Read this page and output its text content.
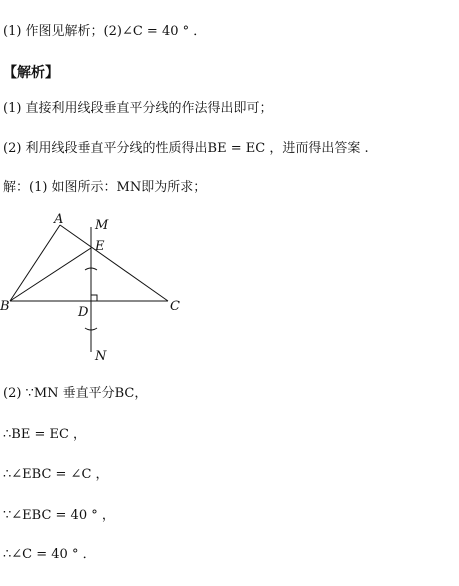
(1) 作图见解析；(2)∠C = 40 ° ．
【解析】
(1) 直接利用线段垂直平分线的作法得出即可；
(2) 利用线段垂直平分线的性质得出BE = EC ，进而得出答案 .
解：(1) 如图所示：MN即为所求；
A M
E
B	D	C
N
(2) ∵MN 垂直平分BC，
∴BE = EC ，
∴∠EBC = ∠C ，
∵∠EBC = 40 ° ，
∴∠C = 40 ° ．
